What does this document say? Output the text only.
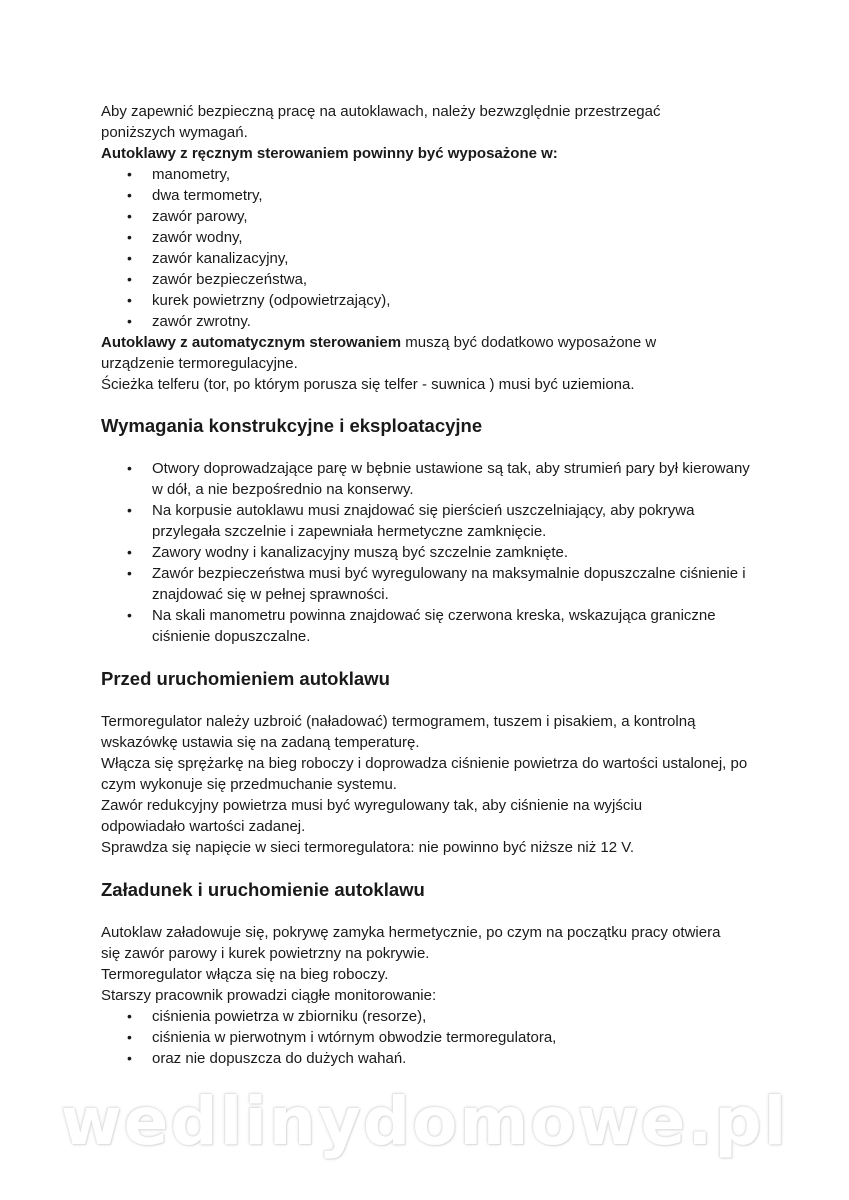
Aby zapewnić bezpieczną pracę na autoklawach, należy bezwzględnie przestrzegać poniższych wymagań.

Autoklawy z ręcznym sterowaniem powinny być wyposażone w:

• manometry,
• dwa termometry,
• zawór parowy,
• zawór wodny,
• zawór kanalizacyjny,
• zawór bezpieczeństwa,
• kurek powietrzny (odpowietrzający),
• zawór zwrotny.

Autoklawy z automatycznym sterowaniem muszą być dodatkowo wyposażone w urządzenie termoregulacyjne.

Ścieżka telferu (tor, po którym porusza się telfer - suwnica ) musi być uziemiona.

Wymagania konstrukcyjne i eksploatacyjne
• Otwory doprowadzające parę w bębnie ustawione są tak, aby strumień pary był kierowany w dół, a nie bezpośrednio na konserwy.
• Na korpusie autoklawu musi znajdować się pierścień uszczelniający, aby pokrywa przylegała szczelnie i zapewniała hermetyczne zamknięcie.
• Zawory wodny i kanalizacyjny muszą być szczelnie zamknięte.
• Zawór bezpieczeństwa musi być wyregulowany na maksymalnie dopuszczalne ciśnienie i znajdować się w pełnej sprawności.
• Na skali manometru powinna znajdować się czerwona kreska, wskazująca graniczne ciśnienie dopuszczalne.
Przed uruchomieniem autoklawu

Termoregulator należy uzbroić (naładować) termogramem, tuszem i pisakiem, a kontrolną wskazówkę ustawia się na zadaną temperaturę.

Włącza się sprężarkę na bieg roboczy i doprowadza ciśnienie powietrza do wartości ustalonej, po czym wykonuje się przedmuchanie systemu.

Zawór redukcyjny powietrza musi być wyregulowany tak, aby ciśnienie na wyjściu odpowiadało wartości zadanej.

Sprawdza się napięcie w sieci termoregulatora: nie powinno być niższe niż 12 V.

Załadunek i uruchomienie autoklawu

Autoklaw załadowuje się, pokrywę zamyka hermetycznie, po czym na początku pracy otwiera się zawór parowy i kurek powietrzny na pokrywie.

Termoregulator włącza się na bieg roboczy.

Starszy pracownik prowadzi ciągłe monitorowanie:

• ciśnienia powietrza w zbiorniku (resorze),
• ciśnienia w pierwotnym i wtórnym obwodzie termoregulatora,
• oraz nie dopuszcza do dużych wahań.
wedlinydomowe.pl
